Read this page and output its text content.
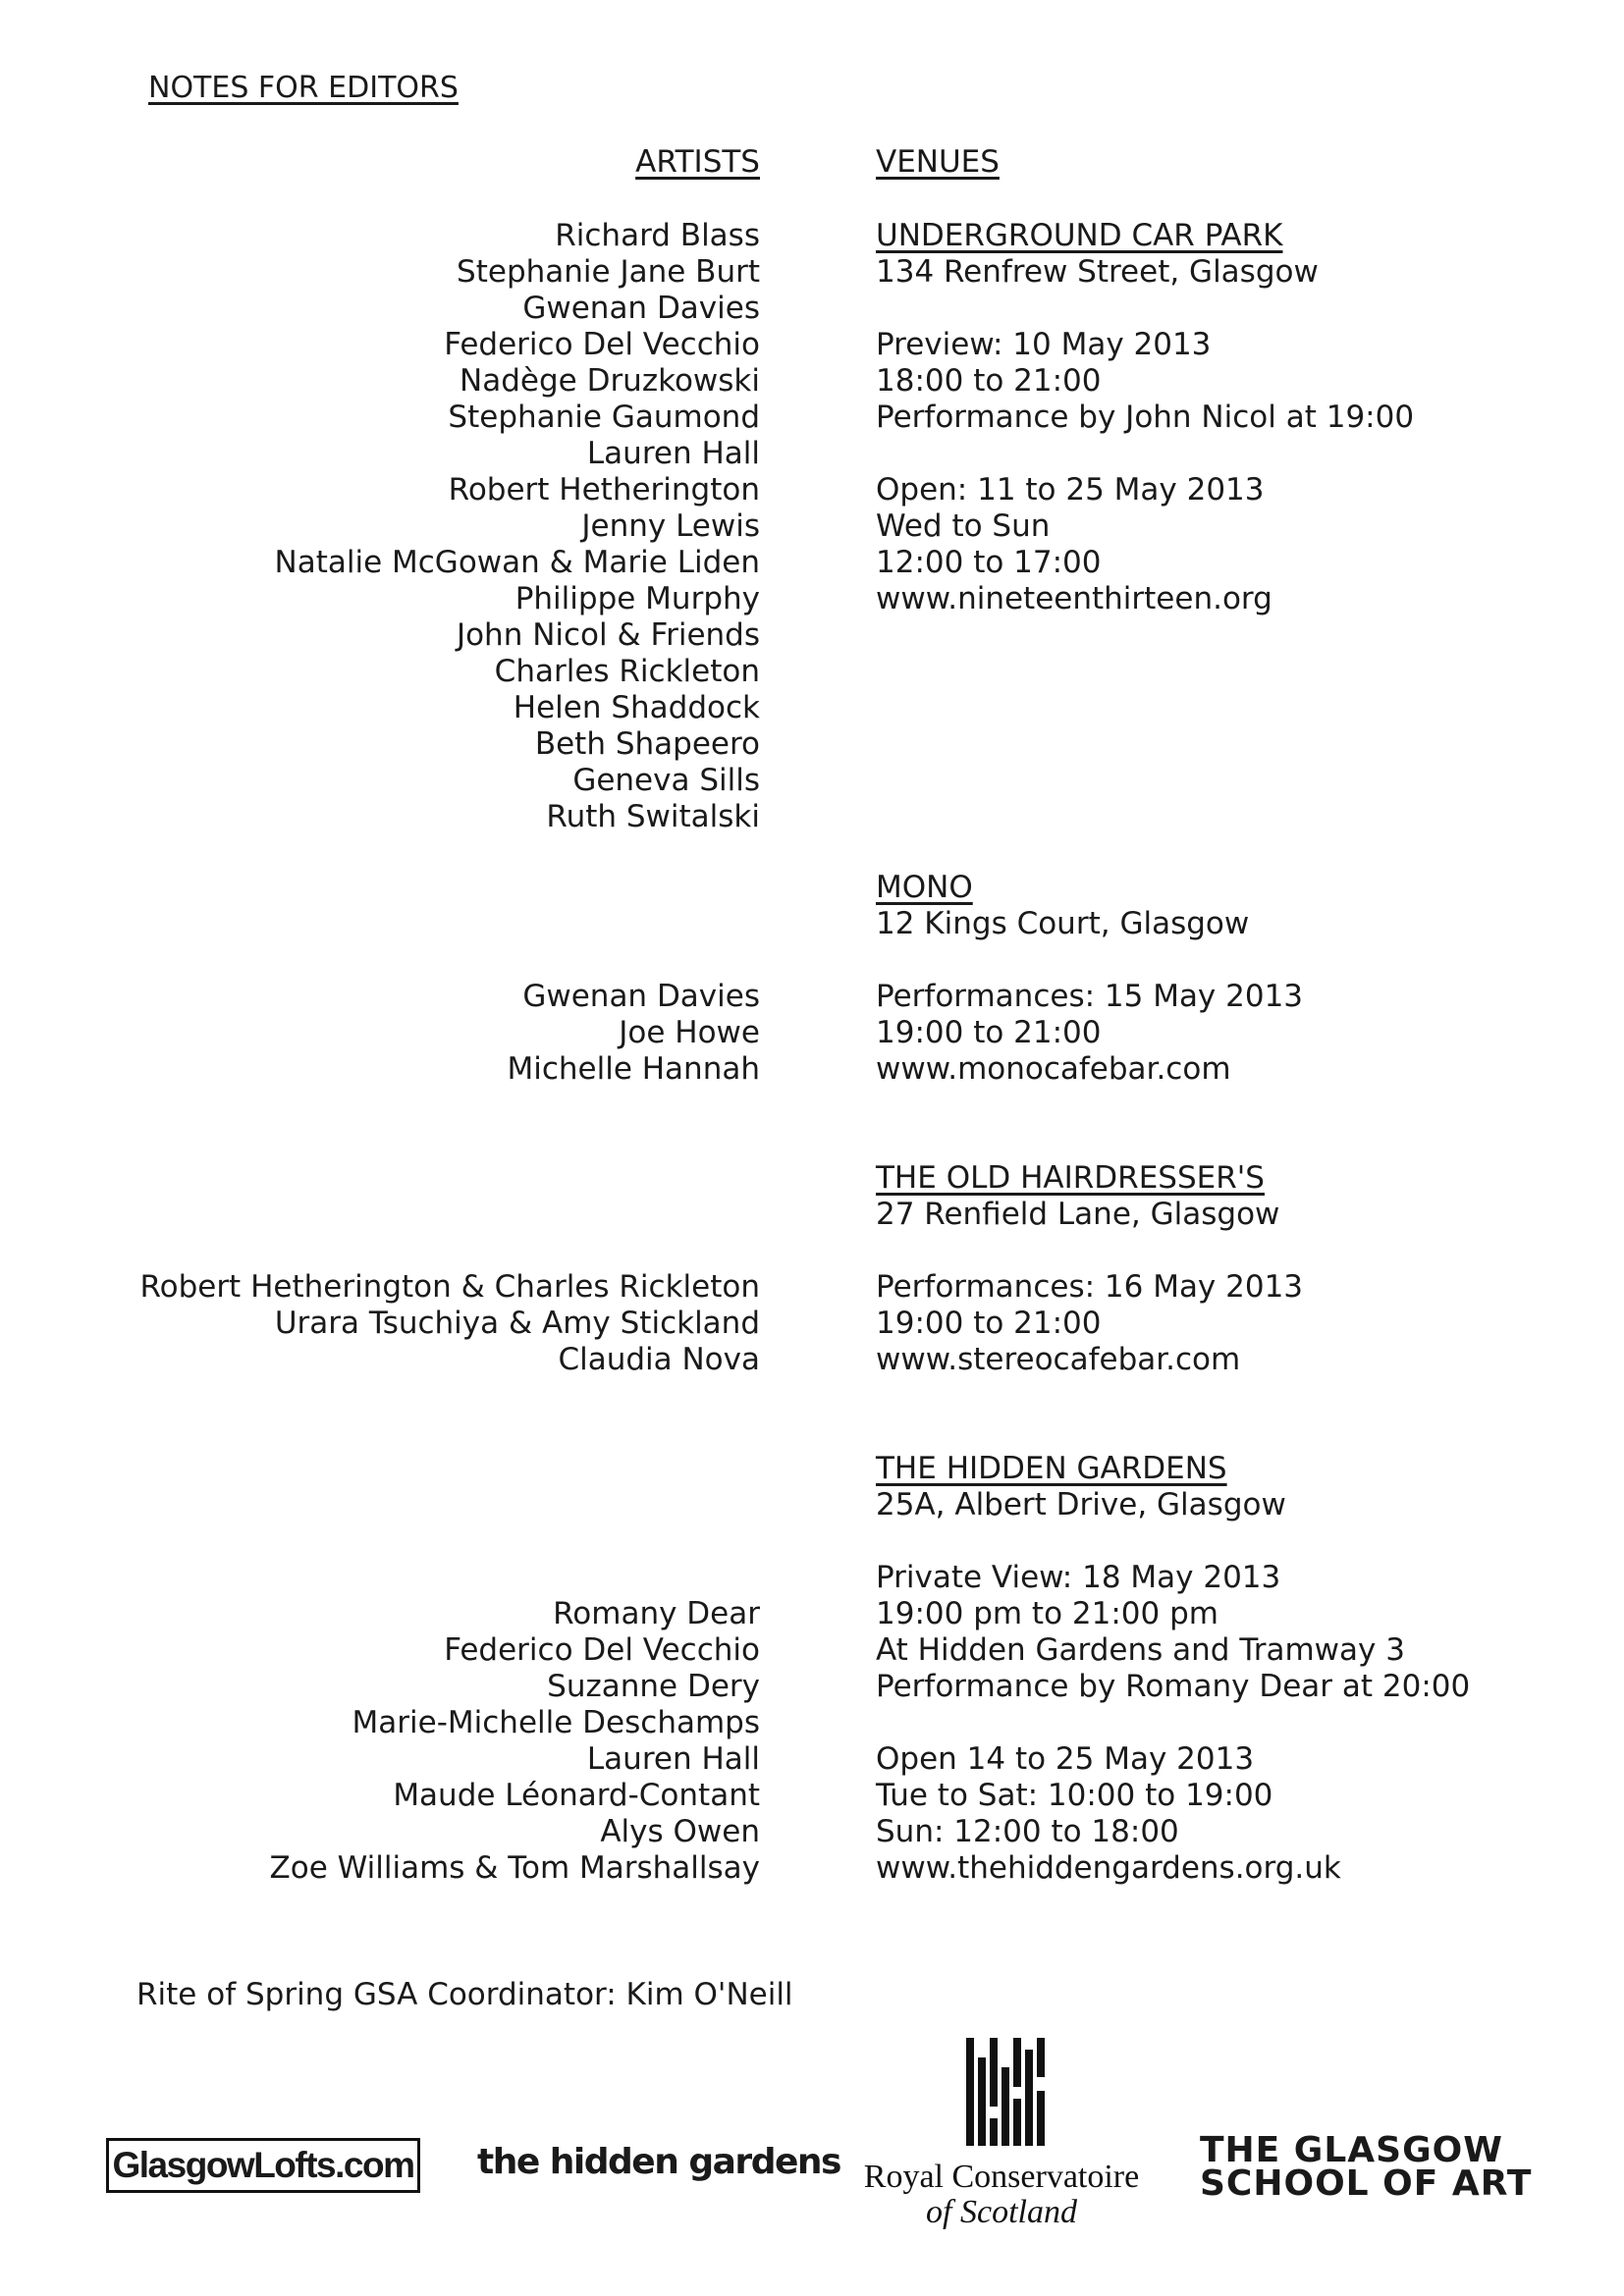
NOTES FOR EDITORS
ARTISTS	VENUES
Richard Blass
Stephanie Jane Burt
Gwenan Davies
Federico Del Vecchio
Nadège Druzkowski
Stephanie Gaumond
Lauren Hall
Robert Hetherington
Jenny Lewis
Natalie McGowan & Marie Liden
Philippe Murphy
John Nicol & Friends
Charles Rickleton
Helen Shaddock
Beth Shapeero
Geneva Sills
Ruth Switalski
UNDERGROUND CAR PARK
134 Renfrew Street, Glasgow
Preview: 10 May 2013
18:00 to 21:00
Performance by John Nicol at 19:00
Open: 11 to 25 May 2013
Wed to Sun
12:00 to 17:00
www.nineteenthirteen.org
Gwenan Davies
Joe Howe
Michelle Hannah
MONO
12 Kings Court, Glasgow
Performances: 15 May 2013
19:00 to 21:00
www.monocafebar.com
Robert Hetherington & Charles Rickleton
Urara Tsuchiya & Amy Stickland
Claudia Nova
THE OLD HAIRDRESSER'S
27 Renfield Lane, Glasgow
Performances: 16 May 2013
19:00 to 21:00
www.stereocafebar.com
Romany Dear
Federico Del Vecchio
Suzanne Dery
Marie-Michelle Deschamps
Lauren Hall
Maude Léonard-Contant
Alys Owen
Zoe Williams & Tom Marshallsay
THE HIDDEN GARDENS
25A, Albert Drive, Glasgow
Private View: 18 May 2013
19:00 pm to 21:00 pm
At Hidden Gardens and Tramway 3
Performance by Romany Dear at 20:00
Open 14 to 25 May 2013
Tue to Sat: 10:00 to 19:00
Sun: 12:00 to 18:00
www.thehiddengardens.org.uk
Rite of Spring GSA Coordinator: Kim O'Neill
GlasgowLofts.com the hidden gardens Royal Conservatoire
of Scotland
THE GLASGOW
SCHOOL OF ART
